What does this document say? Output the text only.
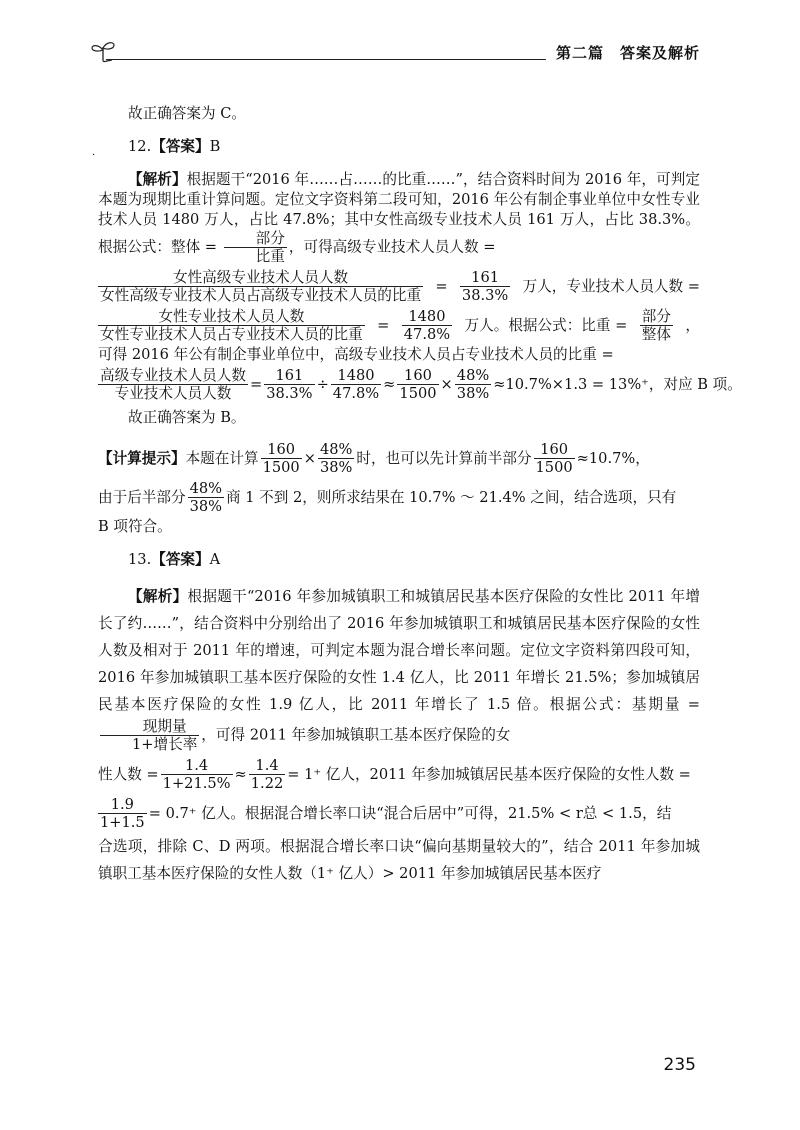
第二篇　答案及解析
·

故正确答案为 C。

12.【答案】B

【解析】根据题干“2016 年……占……的比重……”，结合资料时间为 2016 年，可判定本题为现期比重计算问题。定位文字资料第二段可知，2016 年公有制企事业单位中女性专业技术人员 1480 万人，占比 47.8%；其中女性高级专业技术人员 161 万人，占比 38.3%。根据公式：整体 = $\frac{\text{部分}}{\text{比重}}$ ，可得高级专业技术人员人数 =
$\frac{\text{女性高级专业技术人员人数}}{\text{女性高级专业技术人员占高级专业技术人员的比重}} = \frac{161}{38.3\%}$ 万人，专业技术人员人数 =
$\frac{\text{女性专业技术人员人数}}{\text{女性专业技术人员占专业技术人员的比重}} = \frac{1480}{47.8\%}$ 万人。根据公式：比重 = $\frac{\text{部分}}{\text{整体}}$ ，

可得 2016 年公有制企事业单位中，高级专业技术人员占专业技术人员的比重 =

$\frac{\text{高级专业技术人员人数}}{\text{专业技术人员人数}} = \frac{161}{38.3\%} \div \frac{1480}{47.8\%} \approx \frac{160}{1500} \times \frac{48\%}{38\%} \approx 10.7\%\times 1.3 = 13\%^+$，对应 B 项。

故正确答案为 B。

【计算提示】 本题在计算 $\frac{160}{1500} \times \frac{48\%}{38\%}$ 时，也可以先计算前半部分 $\frac{160}{1500} \approx 10.7\%$，
由于后半部分 $\frac{48\%}{38\%}$ 商 1 不到 2，则所求结果在 10.7% ～ 21.4% 之间，结合选项，只有

B 项符合。

13.【答案】A

【解析】根据题干“2016 年参加城镇职工和城镇居民基本医疗保险的女性比 2011 年增长了约……”，结合资料中分别给出了 2016 年参加城镇职工和城镇居民基本医疗保险的女性人数及相对于 2011 年的增速，可判定本题为混合增长率问题。定位文字资料第四段可知，2016 年参加城镇职工基本医疗保险的女性 1.4 亿人，比 2011 年增长 21.5%；参加城镇居民基本医疗保险的女性 1.9 亿人，比 2011 年增长了 1.5 倍。根据公式：基期量 =
$\frac{\text{现期量}}{\text{1+增长率}}$ ，可得 2011 年参加城镇职工基本医疗保险的女
性人数 = $\frac{1.4}{1+21.5\%} \approx \frac{1.4}{1.22} = 1^+$ 亿人，2011 年参加城镇居民基本医疗保险的女性人数 =
$\frac{1.9}{1+1.5} = 0.7^+$ 亿人。根据混合增长率口诀“混合后居中”可得，21.5% < r总 < 1.5，结

合选项，排除 C、D 两项。根据混合增长率口诀“偏向基期量较大的”，结合 2011 年参加城镇职工基本医疗保险的女性人数（1⁺ 亿人）> 2011 年参加城镇居民基本医疗

235
